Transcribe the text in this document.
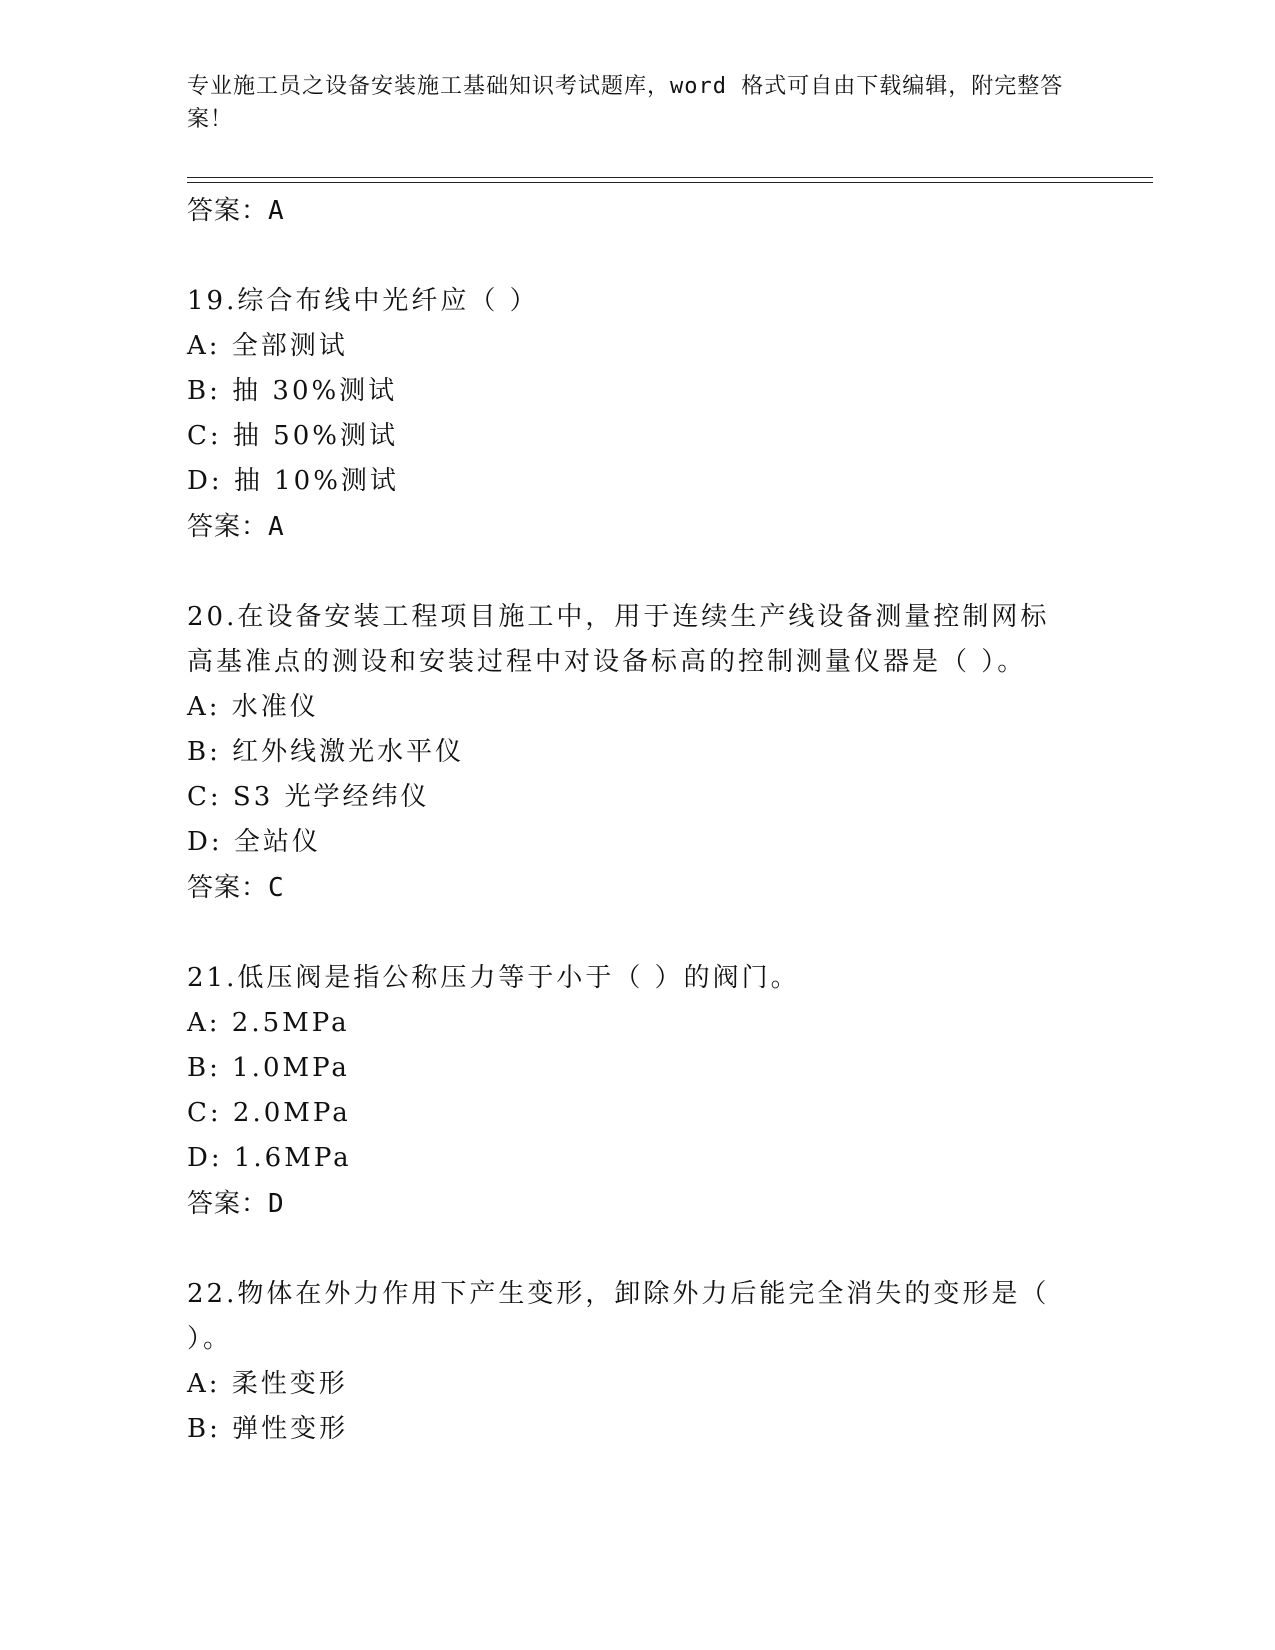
专业施工员之设备安装施工基础知识考试题库，word 格式可自由下载编辑，附完整答案！
答案：A
19.综合布线中光纤应（ ）
A: 全部测试
B: 抽 30%测试
C: 抽 50%测试
D: 抽 10%测试
答案：A
20.在设备安装工程项目施工中，用于连续生产线设备测量控制网标高基准点的测设和安装过程中对设备标高的控制测量仪器是（ ）。
A: 水准仪
B: 红外线激光水平仪
C: S3 光学经纬仪
D: 全站仪
答案：C
21.低压阀是指公称压力等于小于（ ）的阀门。
A: 2.5MPa
B: 1.0MPa
C: 2.0MPa
D: 1.6MPa
答案：D
22.物体在外力作用下产生变形，卸除外力后能完全消失的变形是（ ）。
A: 柔性变形
B: 弹性变形
